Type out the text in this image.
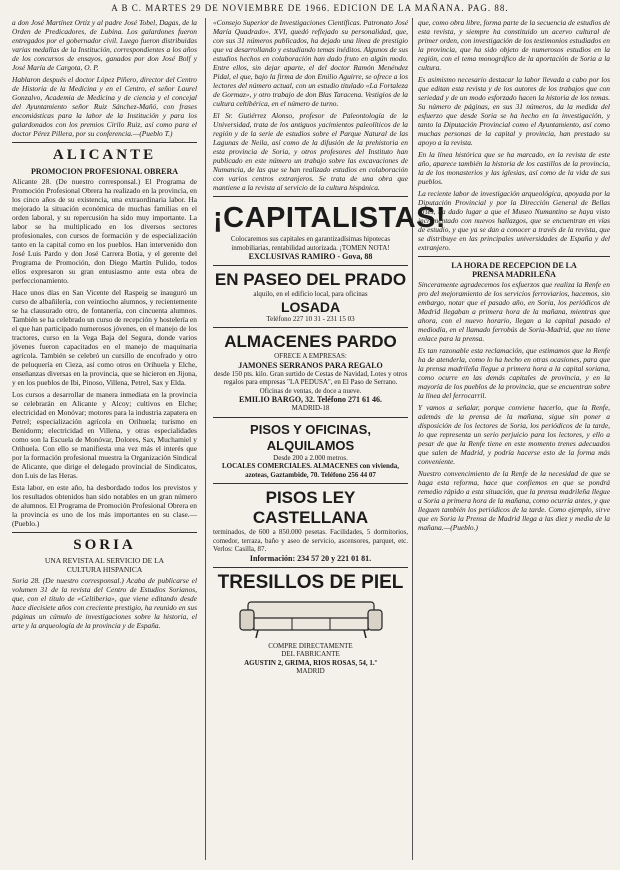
A B C. MARTES 29 DE NOVIEMBRE DE 1966. EDICION DE LA MAÑANA. PAG. 88.

a don José Martínez Ortiz y al padre José Tobel, Dagas, de la Orden de Predicadores, de Lubina. Los galardones fueron entregados por el gobernador civil. Luego fueron distribuidas varias medallas de la Institución, correspondientes a los años de los concursos de ensayos, ganados por don José Bolf y José María de Cargota, O. P.

Hablaron después el doctor López Piñero, director del Centro de Historia de la Medicina y en el Centro, el señor Laurel Gonzalvo, Academia de Medicina y de ciencia y el concejal del Ayuntamiento señor Ruiz Sánchez-Mañó, con frases encomiásticas para la labor de la Institución y para los galardonados con los premios Cirilo Ruiz, así como para el doctor Pérez Pillera, por su conferencia.—(Pueblo T.)

ALICANTE
PROMOCION PROFESIONAL OBRERA

Alicante 28. (De nuestro corresponsal.) El Programa de Promoción Profesional Obrera ha realizado en la provincia, en los cinco años de su existencia, una extraordinaria labor. Ha mejorado la situación económica de muchas familias en el orden laboral, y su repercusión ha sido muy importante. La labor se ha multiplicado en los diversos sectores profesionales, con cursos de formación y de especialización tanto en la capital como en los pueblos. Han intervenido don José Luis Pardo y don José Carrera Botia, y el gerente del Programa de Promoción, don Diego Martín Pulido, todos ellos expresaron su gran entusiasmo ante esta obra de perfeccionamiento.

Hace unos días en San Vicente del Raspeig se inauguró un curso de albañilería, con veintiocho alumnos, y recientemente se ha clausurado otro, de fontanería, con cincuenta alumnos. También se ha celebrado un curso de recepción y hostelería en el que han participado numerosos jóvenes, en el manejo de los tractores, curso en la Vega Baja del Segura, donde varios jóvenes fueron capacitados en el manejo de maquinaria agrícola. También se celebró un cursillo de encofrado y otro de peluquería en Cieza, así como otros en Orihuela y Elche, enseñanzas diversas en la provincia, que se hicieron en Jijona, y en los pueblos de Ibi, Pinoso, Villena, Petrel, Sax y Elda.

Los cursos a desarrollar de manera inmediata en la provincia se celebrarán en Alicante y Alcoy; cultivos en Elche; electricidad en Monóvar; motores para la industria zapatera en Petrel; especialización agrícola en Orihuela; turismo en Benidorm; electricidad en Villena, y otras especialidades como son la Escuela de Monóvar, Dolores, Sax, Muchamiel y Orihuela. Con ello se manifiesta una vez más el interés que por la formación profesional muestra la Organización Sindical de Alicante, que dirige el delegado provincial de Sindicatos, don Luis de las Heras.

Esta labor, en este año, ha desbordado todos los previstos y los resultados obtenidos han sido notables en un gran número de alumnos. El Programa de Promoción Profesional Obrera en la provincia es uno de los más importantes en su clase.—(Pueblo.)

SORIA
UNA REVISTA AL SERVICIO DE LA
CULTURA HISPANICA

Soria 28. (De nuestro corresponsal.) Acaba de publicarse el volumen 31 de la revista del Centro de Estudios Sorianos, que, con el título de «Celtiberia», que viene editando desde hace diecisiete años con creciente prestigio, ha reunido en sus páginas un cúmulo de investigaciones sobre la historia, el arte y la arqueología de la provincia y de España.

«Consejo Superior de Investigaciones Científicas. Patronato José María Quadrado». XVI, quedó reflejado su personalidad, que, con sus 31 números publicados, ha dejado una línea de prestigio que va desarrollando y estudiando temas inéditos. Algunos de sus estudios hechos en colaboración han dado fruto en algún modo. Entre ellos, sin dejar aparte, el del doctor Ramón Menéndez Pidal, el que, bajo la firma de don Emilio Aguirre, se ofrece a los lectores del número actual, con un estudio titulado «La Fortaleza de Gormaz», y otro trabajo de don Blas Taracena. Vestigios de la cultura celtibérica, en el número de turno.

El Sr. Gutiérrez Alonso, profesor de Paleontología de la Universidad, trata de los antiguos yacimientos paleolíticos de la región y de la serie de estudios sobre el Parque Natural de las Lagunas de Neila, así como de la difusión de la prehistoria en esta provincia de Soria, y otros profesores del Instituto han publicado en este número un trabajo sobre las excavaciones de Numancia, de las que se han realizado estudios en colaboración con varios centros extranjeros. Se trata de una obra que mantiene a la revista al servicio de la cultura hispánica.

¡CAPITALISTAS!
Colocaremos sus capitales en garantizadísimas hipotecas inmobiliarias, rentabilidad autorizada. ¡TOMEN NOTA!
EXCLUSIVAS RAMIRO - Gova, 88
EN PASEO DEL PRADO
alquilo, en el edificio local, para oficinas
LOSADA
Teléfono 227 10 31 - 231 15 03
ALMACENES PARDO
OFRECE A EMPRESAS:
JAMONES SERRANOS PARA REGALO
desde 150 pts. kilo. Gran surtido de Cestas de Navidad, Lotes y otros regalos para empresas "LA PEDUSA", en El Paso de Serrano. Oficinas de ventas, de doce a nueve.
EMILIO BARGO, 32. Teléfono 271 61 46.
MADRID-18
PISOS Y OFICINAS, ALQUILAMOS
Desde 200 a 2.000 metros.
LOCALES COMERCIALES. ALMACENES con vivienda, azoteas, Gaztambide, 70. Teléfono 256 44 07
PISOS LEY CASTELLANA
terminados, de 600 a 850.000 pesetas. Facilidades, 5 dormitorios, comedor, terraza, baño y aseo de servicio, ascensores, parquet, etc. Verlos: Casilla, 87.
Información: 234 57 20 y 221 01 81.
TRESILLOS DE PIEL
COMPRE DIRECTAMENTE
DEL FABRICANTE
AGUSTIN 2, GRIMA, RIOS ROSAS, 54, 1.º
MADRID

que, como obra libre, forma parte de la secuencia de estudios de esta revista, y siempre ha constituido un acervo cultural de primer orden, con investigación de los testimonios estudiados en la provincia, que ha sido objeto de numerosos estudios en la región, con el tema monográfico de la aportación de Soria a la cultura.

Es asimismo necesario destacar la labor llevada a cabo por los que editan esta revista y de los autores de los trabajos que con seriedad y de un modo esforzado hacen la historia de los temas. Su número de páginas, en sus 31 números, da la medida del esfuerzo que desde Soria se ha hecho en la investigación, y tanto la Diputación Provincial como el Ayuntamiento, así como muchas personas de la capital y provincia, han prestado su apoyo a la revista.

En la línea histórica que se ha marcado, en la revista de este año, aparece también la historia de los castillos de la provincia, la de los monasterios y las iglesias, así como de la vida de sus pueblos.

La reciente labor de investigación arqueológica, apoyada por la Diputación Provincial y por la Dirección General de Bellas Artes, ha dado lugar a que el Museo Numantino se haya visto incrementado con nuevos hallazgos, que se encuentran en vías de estudio, y que ya se dan a conocer a través de la revista, que se distribuye en las principales universidades de España y del extranjero.

LA HORA DE RECEPCION DE LA
PRENSA MADRILEÑA

Sinceramente agradecemos los esfuerzos que realiza la Renfe en pro del mejoramiento de los servicios ferroviarios, hacemos, sin embargo, notar que el pasado año, en Soria, los periódicos de Madrid llegaban a primera hora de la mañana, mientras que ahora, con el nuevo horario, llegan a la capital pasado el mediodía, en el llamado ferrobús de Soria-Madrid, que no tiene enlace para la prensa.

Es tan razonable esta reclamación, que estimamos que la Renfe ha de atenderla, como lo ha hecho en otras ocasiones, para que la prensa madrileña llegue a primera hora a la capital soriana, como ocurre en las demás capitales de provincia, y en la mayoría de los pueblos de la provincia, que se encuentran sobre la línea del ferrocarril.

Y vamos a señalar, porque conviene hacerlo, que la Renfe, además de la prensa de la mañana, sigue sin poner a disposición de los lectores de Soria, los periódicos de la tarde, lo que representa un serio perjuicio para los lectores, y ello a pesar de que la Renfe tiene en este momento trenes adecuados que salen de Madrid, y podría hacerse esto de la forma más conveniente.

Nuestro convencimiento de la Renfe de la necesidad de que se haga esta reforma, hace que confiemos en que se pondrá remedio rápido a esta situación, que la prensa madrileña llegue a Soria a primera hora de la mañana, como ocurría antes, y que lleguen también los periódicos de la tarde. Como ejemplo, sirve que en Soria la Prensa de Madrid llega a las diez y media de la mañana.—(Pueblo.)
